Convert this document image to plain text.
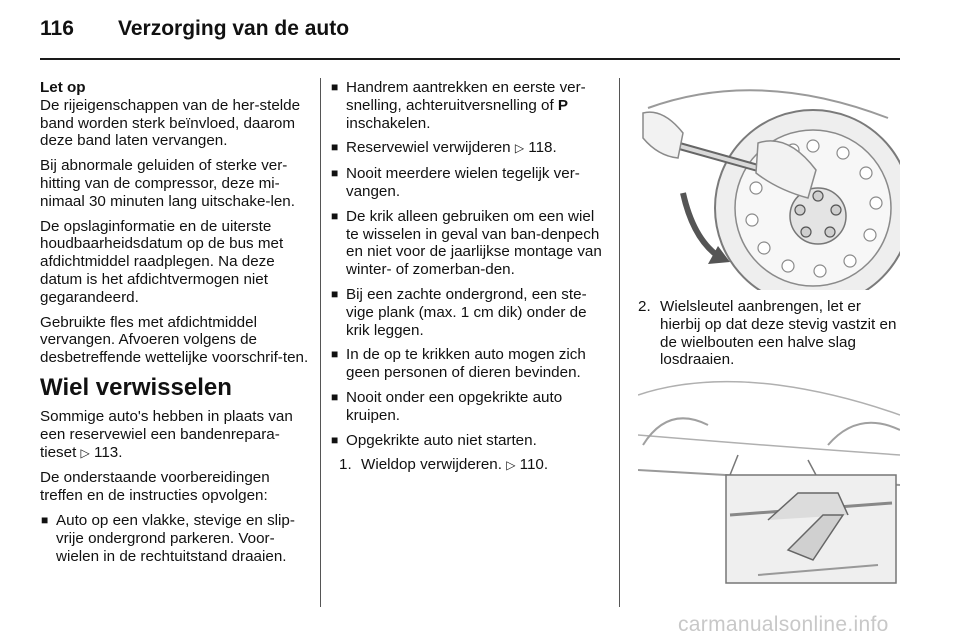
116 Verzorging van de auto
Let op

De rijeigenschappen van de her-stelde band worden sterk beïnvloed, daarom deze band laten vervangen.

Bij abnormale geluiden of sterke ver-hitting van de compressor, deze mi-nimaal 30 minuten lang uitschake-len.

De opslaginformatie en de uiterste houdbaarheidsdatum op de bus met afdichtmiddel raadplegen. Na deze datum is het afdichtvermogen niet gegarandeerd.

Gebruikte fles met afdichtmiddel vervangen. Afvoeren volgens de desbetreffende wettelijke voorschrif-ten.

Wiel verwisselen

Sommige auto's hebben in plaats van een reservewiel een bandenrepara-tieset ▷ 113.

De onderstaande voorbereidingen treffen en de instructies opvolgen:

■ Auto op een vlakke, stevige en slip-vrije ondergrond parkeren. Voor-wielen in de rechtuitstand draaien.
■ Handrem aantrekken en eerste ver-snelling, achteruitversnelling of P inschakelen.
■ Reservewiel verwijderen ▷ 118.
■ Nooit meerdere wielen tegelijk ver-vangen.
■ De krik alleen gebruiken om een wiel te wisselen in geval van ban-denpech en niet voor de jaarlijkse montage van winter- of zomerban-den.
■ Bij een zachte ondergrond, een ste-vige plank (max. 1 cm dik) onder de krik leggen.
■ In de op te krikken auto mogen zich geen personen of dieren bevinden.
■ Nooit onder een opgekrikte auto kruipen.
■ Opgekrikte auto niet starten.
1. Wieldop verwijderen. ▷ 110.
2. Wielsleutel aanbrengen, let er hierbij op dat deze stevig vastzit en de wielbouten een halve slag losdraaien.
carmanualsonline.info
